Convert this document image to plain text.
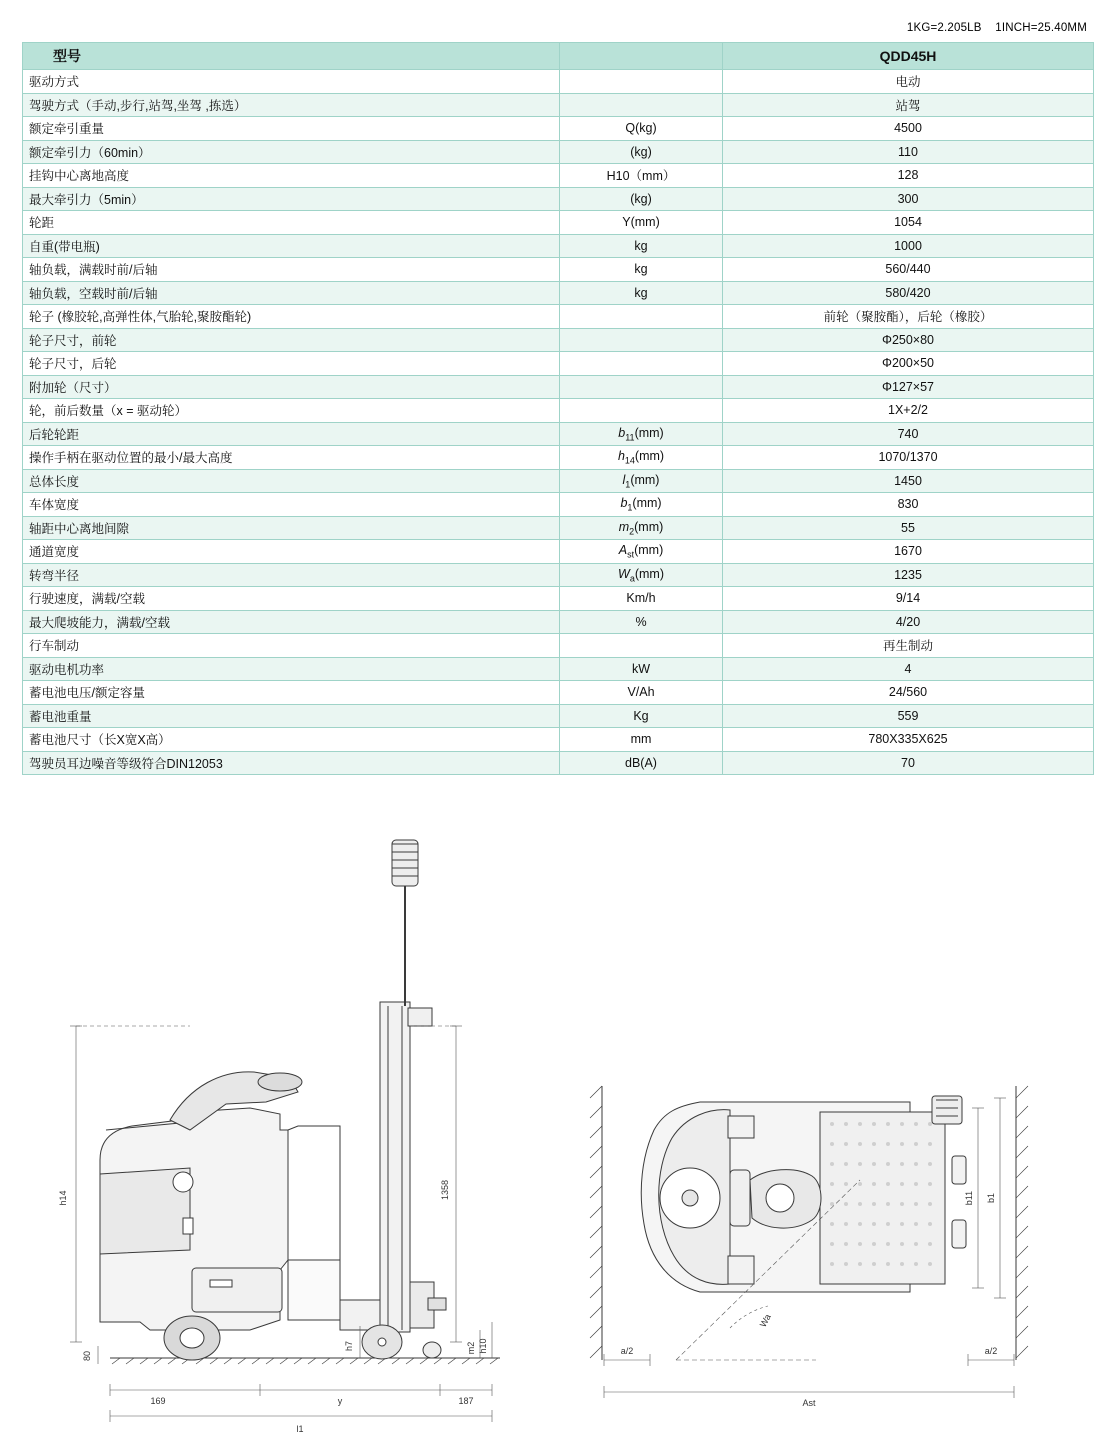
1KG=2.205LB    1INCH=25.40MM
型号		QDD45H
驱动方式		电动
驾驶方式（手动,步行,站驾,坐驾 ,拣选）		站驾
额定牵引重量	Q(kg)	4500
额定牵引力（60min）	(kg)	110
挂钩中心离地高度	H10（mm）	128
最大牵引力（5min）	(kg)	300
轮距	Y(mm)	1054
自重(带电瓶)	kg	1000
轴负载，满载时前/后轴	kg	560/440
轴负载，空载时前/后轴	kg	580/420
轮子 (橡胶轮,高弹性体,气胎轮,聚胺酯轮)		前轮（聚胺酯），后轮（橡胶）
轮子尺寸，前轮		Φ250×80
轮子尺寸，后轮		Φ200×50
附加轮（尺寸）		Φ127×57
轮，前后数量（x = 驱动轮）		1X+2/2
后轮轮距	$b_{11}(mm)$	740
操作手柄在驱动位置的最小/最大高度	$h_{14}(mm)$	1070/1370
总体长度	$l_1(mm)$	1450
车体宽度	$b_1(mm)$	830
轴距中心离地间隙	$m_2(mm)$	55
通道宽度	$A_{st}(mm)$	1670
转弯半径	$W_a(mm)$	1235
行驶速度，满载/空载	Km/h	9/14
最大爬坡能力，满载/空载	%	4/20
行车制动		再生制动
驱动电机功率	kW	4
蓄电池电压/额定容量	V/Ah	24/560
蓄电池重量	Kg	559
蓄电池尺寸（长X宽X高）	mm	780X335X625
驾驶员耳边噪音等级符合DIN12053	dB(A)	70
h14	1358
h7	h10
m2
80
169	y	187
l1
b11 b1
a/2	a/2
Wa
Ast
